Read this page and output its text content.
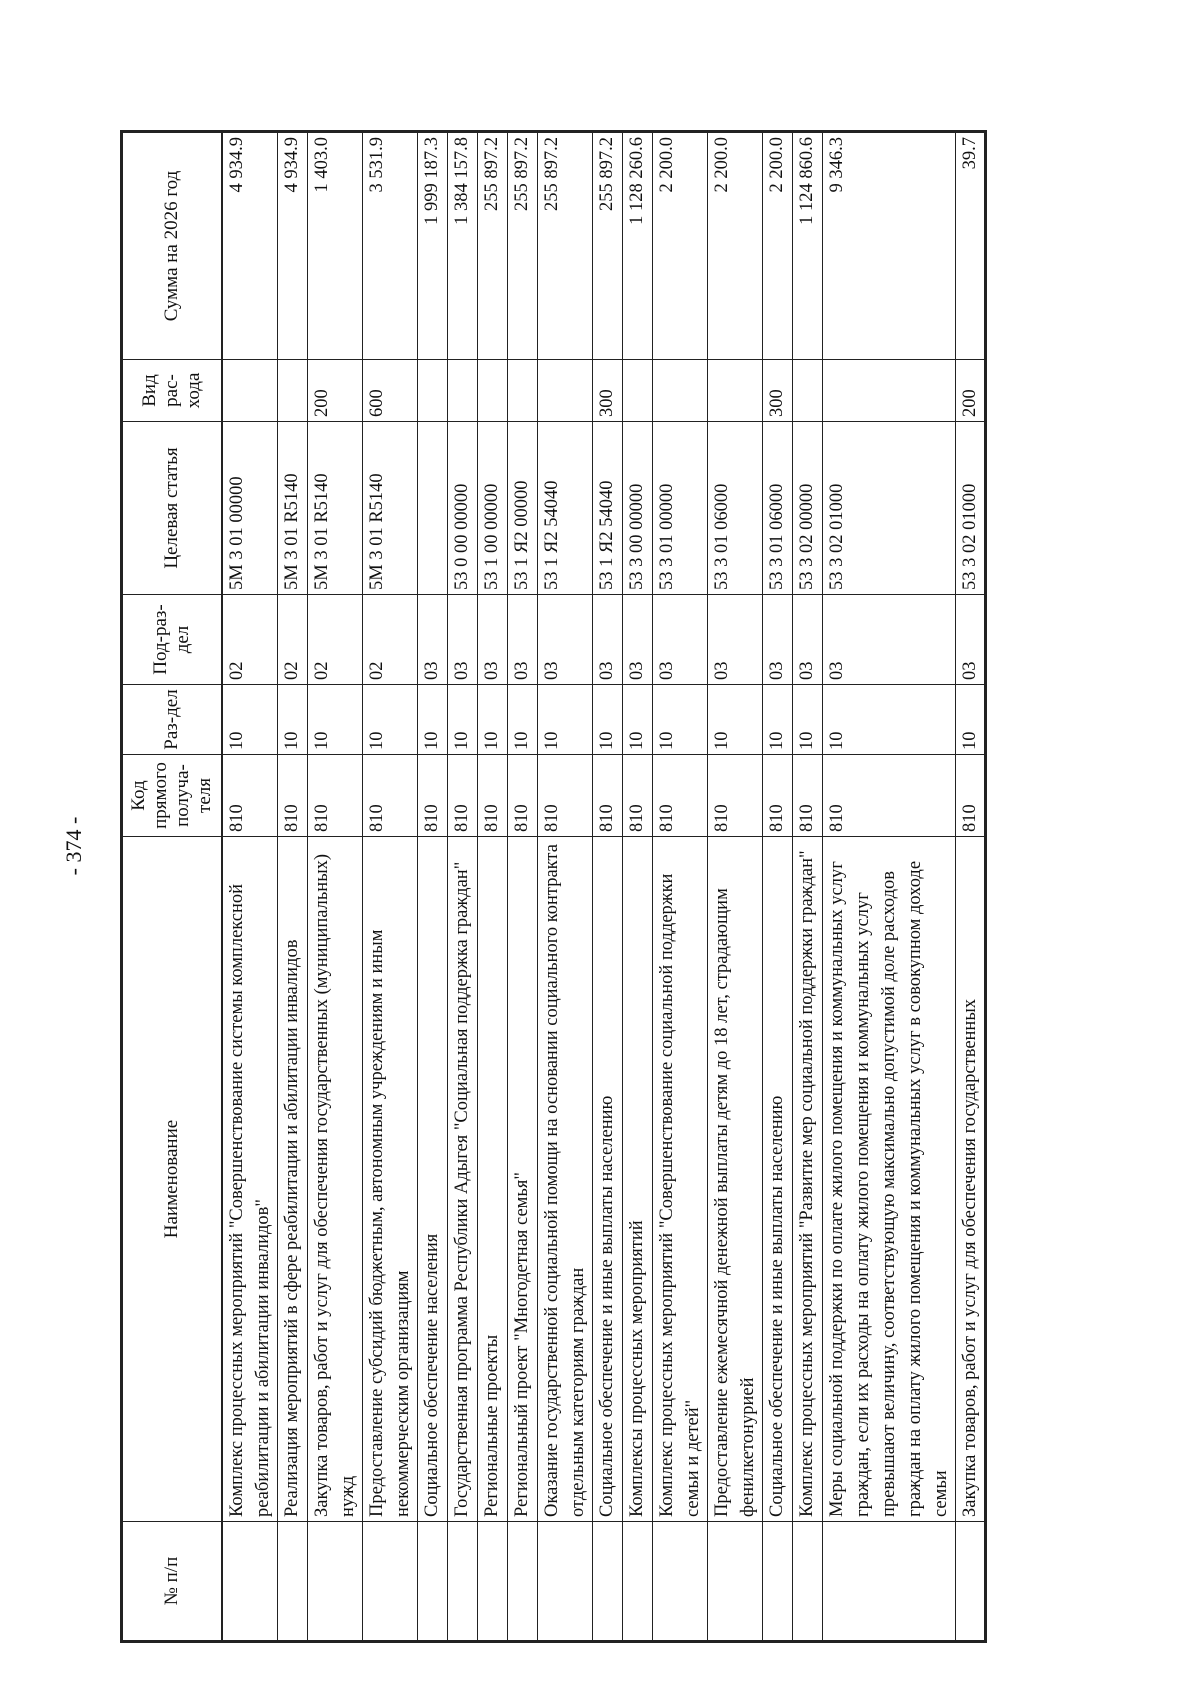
- 374 -
№ п/п	Наименование	Код прямого получа-теля	Раз-дел	Под-раз-дел	Целевая статья	Вид рас-хода	Сумма на 2026 год
	Комплекс процессных мероприятий "Совершенствование системы комплексной реабилитации и абилитации инвалидов"	810	10	02	5М 3 01 00000		4 934.9
	Реализация мероприятий в сфере реабилитации и абилитации инвалидов	810	10	02	5М 3 01 R5140		4 934.9
	Закупка товаров, работ и услуг для обеспечения государственных (муниципальных) нужд	810	10	02	5М 3 01 R5140	200	1 403.0
	Предоставление субсидий бюджетным, автономным учреждениям и иным некоммерческим организациям	810	10	02	5М 3 01 R5140	600	3 531.9
	Социальное обеспечение населения	810	10	03			1 999 187.3
	Государственная программа Республики Адыгея "Социальная поддержка граждан"	810	10	03	53 0 00 00000		1 384 157.8
	Региональные проекты	810	10	03	53 1 00 00000		255 897.2
	Региональный проект "Многодетная семья"	810	10	03	53 1 Я2 00000		255 897.2
	Оказание государственной социальной помощи на основании социального контракта отдельным категориям граждан	810	10	03	53 1 Я2 54040		255 897.2
	Социальное обеспечение и иные выплаты населению	810	10	03	53 1 Я2 54040	300	255 897.2
	Комплексы процессных мероприятий	810	10	03	53 3 00 00000		1 128 260.6
	Комплекс процессных мероприятий "Совершенствование социальной поддержки семьи и детей"	810	10	03	53 3 01 00000		2 200.0
	Предоставление ежемесячной денежной выплаты детям до 18 лет, страдающим фенилкетонурией	810	10	03	53 3 01 06000		2 200.0
	Социальное обеспечение и иные выплаты населению	810	10	03	53 3 01 06000	300	2 200.0
	Комплекс процессных мероприятий "Развитие мер социальной поддержки граждан"	810	10	03	53 3 02 00000		1 124 860.6
	Меры социальной поддержки по оплате жилого помещения и коммунальных услуг граждан, если их расходы на оплату жилого помещения и коммунальных услуг превышают величину, соответствующую максимально допустимой доле расходов граждан на оплату жилого помещения и коммунальных услуг в совокупном доходе семьи	810	10	03	53 3 02 01000		9 346.3
	Закупка товаров, работ и услуг для обеспечения государственных	810	10	03	53 3 02 01000	200	39.7
